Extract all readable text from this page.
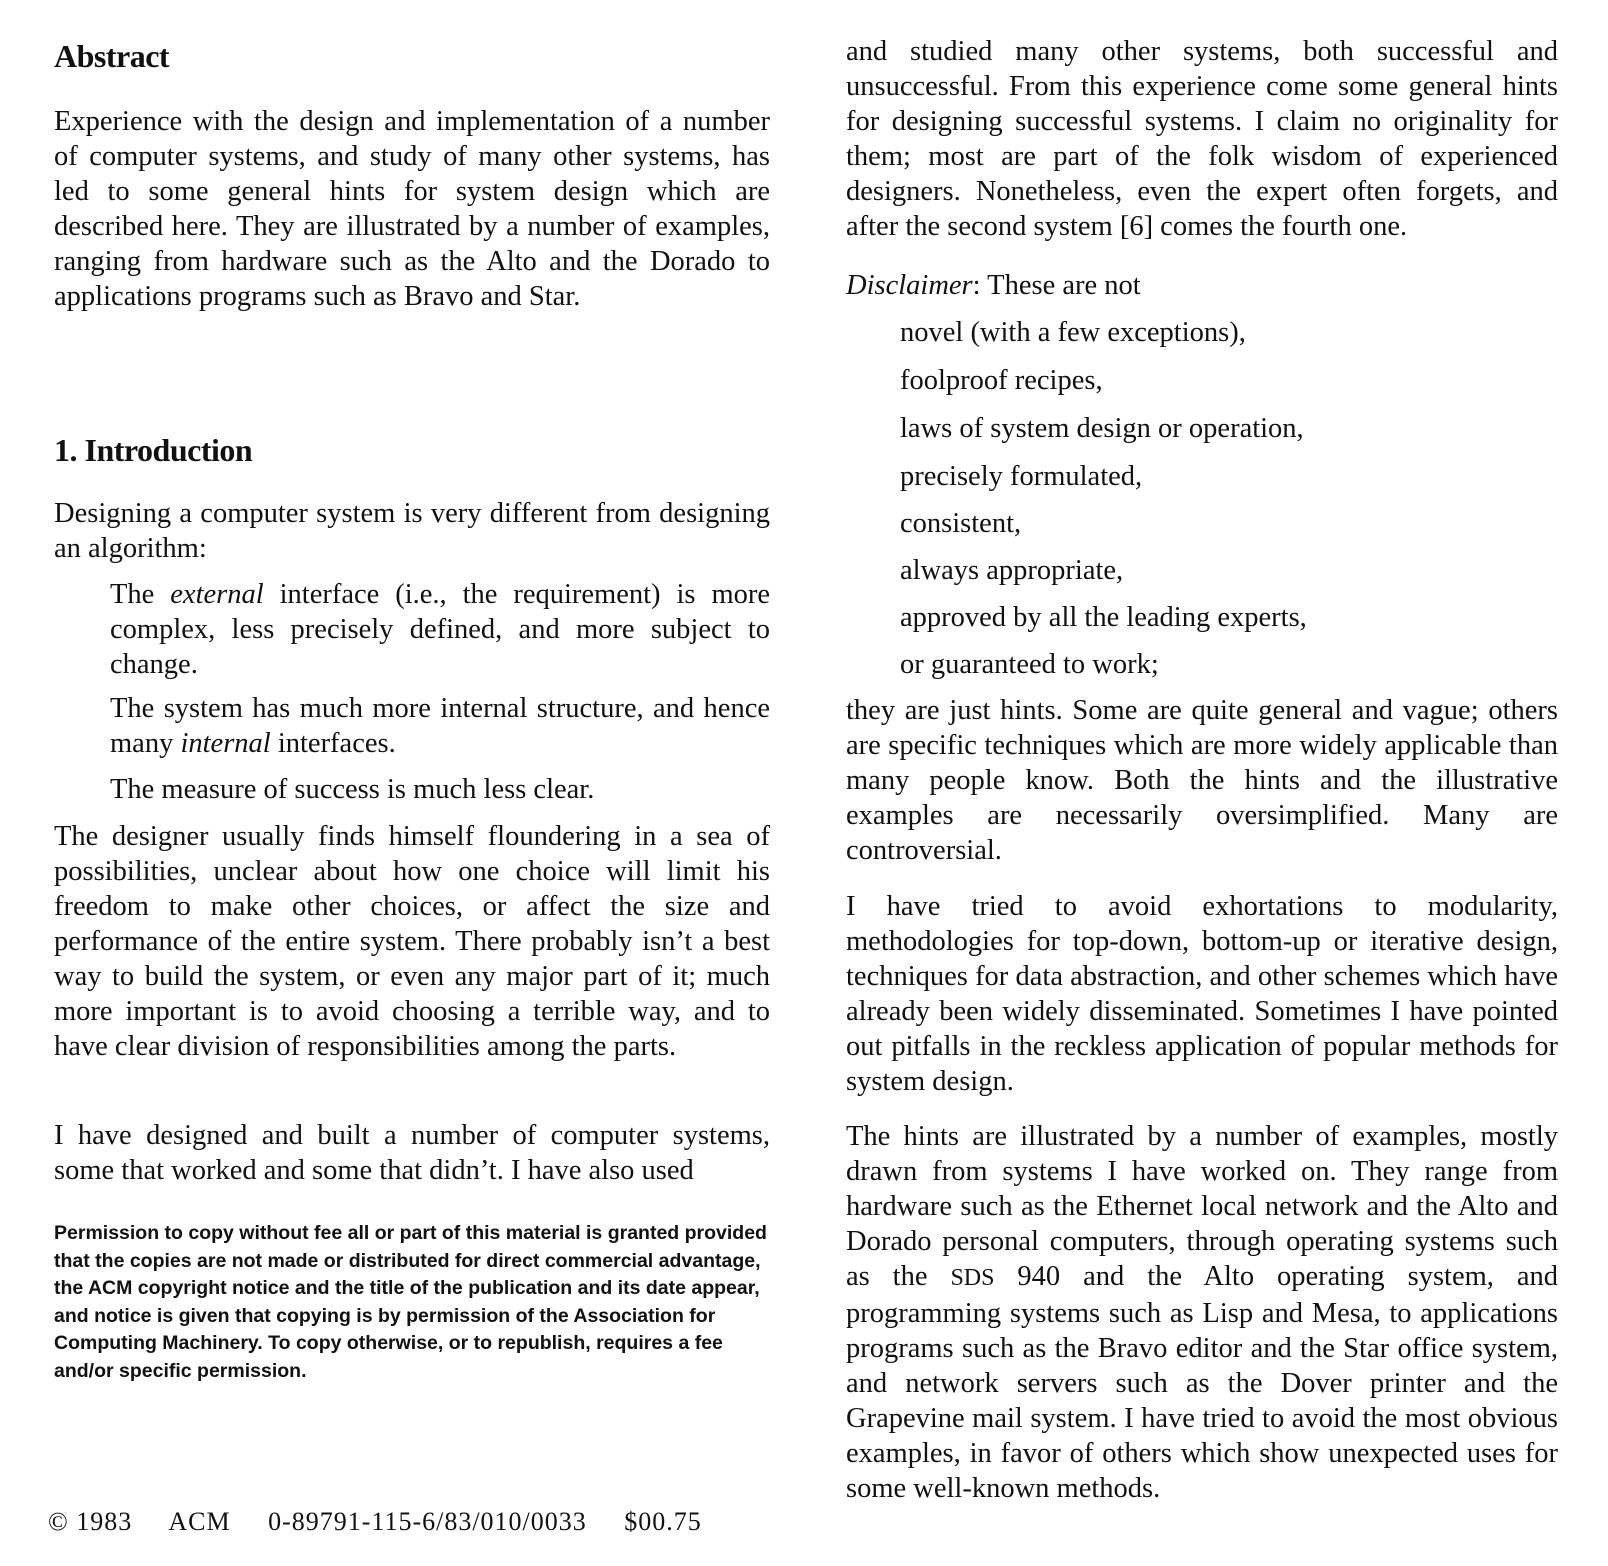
Abstract

Experience with the design and implementation of a number of computer systems, and study of many other systems, has led to some general hints for system design which are described here. They are illustrated by a number of examples, ranging from hardware such as the Alto and the Dorado to applications programs such as Bravo and Star.

1. Introduction

Designing a computer system is very different from designing an algorithm:

The external interface (i.e., the requirement) is more complex, less precisely defined, and more subject to change.

The system has much more internal structure, and hence many internal interfaces.

The measure of success is much less clear.

The designer usually finds himself floundering in a sea of possibilities, unclear about how one choice will limit his freedom to make other choices, or affect the size and performance of the entire system. There probably isn’t a best way to build the system, or even any major part of it; much more important is to avoid choosing a terrible way, and to have clear division of responsibilities among the parts.

I have designed and built a number of computer systems, some that worked and some that didn’t. I have also used

Permission to copy without fee all or part of this material is granted provided that the copies are not made or distributed for direct commercial advantage, the ACM copyright notice and the title of the publication and its date appear, and notice is given that copying is by permission of the Association for Computing Machinery. To copy otherwise, or to republish, requires a fee and/or specific permission.

© 1983 ACM 0-89791-115-6/83/010/0033 $00.75

and studied many other systems, both successful and unsuccessful. From this experience come some general hints for designing successful systems. I claim no originality for them; most are part of the folk wisdom of experienced designers. Nonetheless, even the expert often forgets, and after the second system [6] comes the fourth one.

Disclaimer: These are not

novel (with a few exceptions),
foolproof recipes,
laws of system design or operation,
precisely formulated,
consistent,
always appropriate,
approved by all the leading experts,
or guaranteed to work;

they are just hints. Some are quite general and vague; others are specific techniques which are more widely applicable than many people know. Both the hints and the illustrative examples are necessarily oversimplified. Many are controversial.

I have tried to avoid exhortations to modularity, methodologies for top-down, bottom-up or iterative design, techniques for data abstraction, and other schemes which have already been widely disseminated. Sometimes I have pointed out pitfalls in the reckless application of popular methods for system design.

The hints are illustrated by a number of examples, mostly drawn from systems I have worked on. They range from hardware such as the Ethernet local network and the Alto and Dorado personal computers, through operating systems such as the SDS 940 and the Alto operating system, and programming systems such as Lisp and Mesa, to applications programs such as the Bravo editor and the Star office system, and network servers such as the Dover printer and the Grapevine mail system. I have tried to avoid the most obvious examples, in favor of others which show unexpected uses for some well-known methods.
